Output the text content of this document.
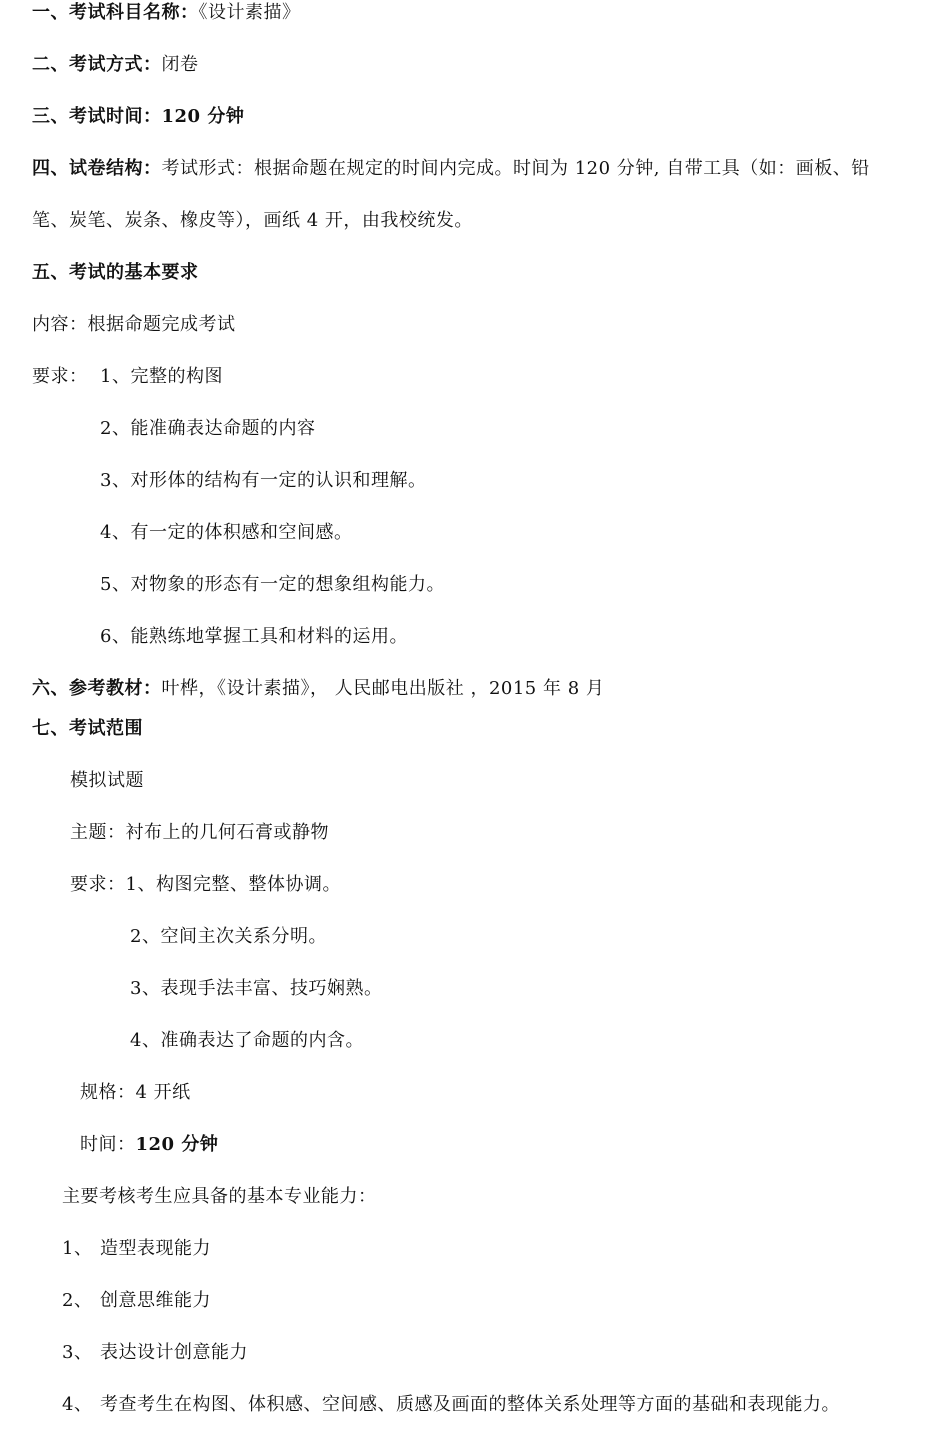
一、考试科目名称：《设计素描》
二、考试方式：闭卷
三、考试时间：120 分钟
四、试卷结构：考试形式：根据命题在规定的时间内完成。时间为 120 分钟, 自带工具（如：画板、铅
笔、炭笔、炭条、橡皮等），画纸 4 开，由我校统发。
五、考试的基本要求
内容：根据命题完成考试
要求： 1、完整的构图
2、能准确表达命题的内容
3、对形体的结构有一定的认识和理解。
4、有一定的体积感和空间感。
5、对物象的形态有一定的想象组构能力。
6、能熟练地掌握工具和材料的运用。
六、参考教材：叶桦，《设计素描》， 人民邮电出版社 ，2015 年 8 月
七、考试范围
模拟试题
主题：衬布上的几何石膏或静物
要求：1、构图完整、整体协调。
2、空间主次关系分明。
3、表现手法丰富、技巧娴熟。
4、准确表达了命题的内含。
规格：4 开纸
时间：120 分钟
主要考核考生应具备的基本专业能力：
1、 造型表现能力
2、 创意思维能力
3、 表达设计创意能力
4、 考查考生在构图、体积感、空间感、质感及画面的整体关系处理等方面的基础和表现能力。
